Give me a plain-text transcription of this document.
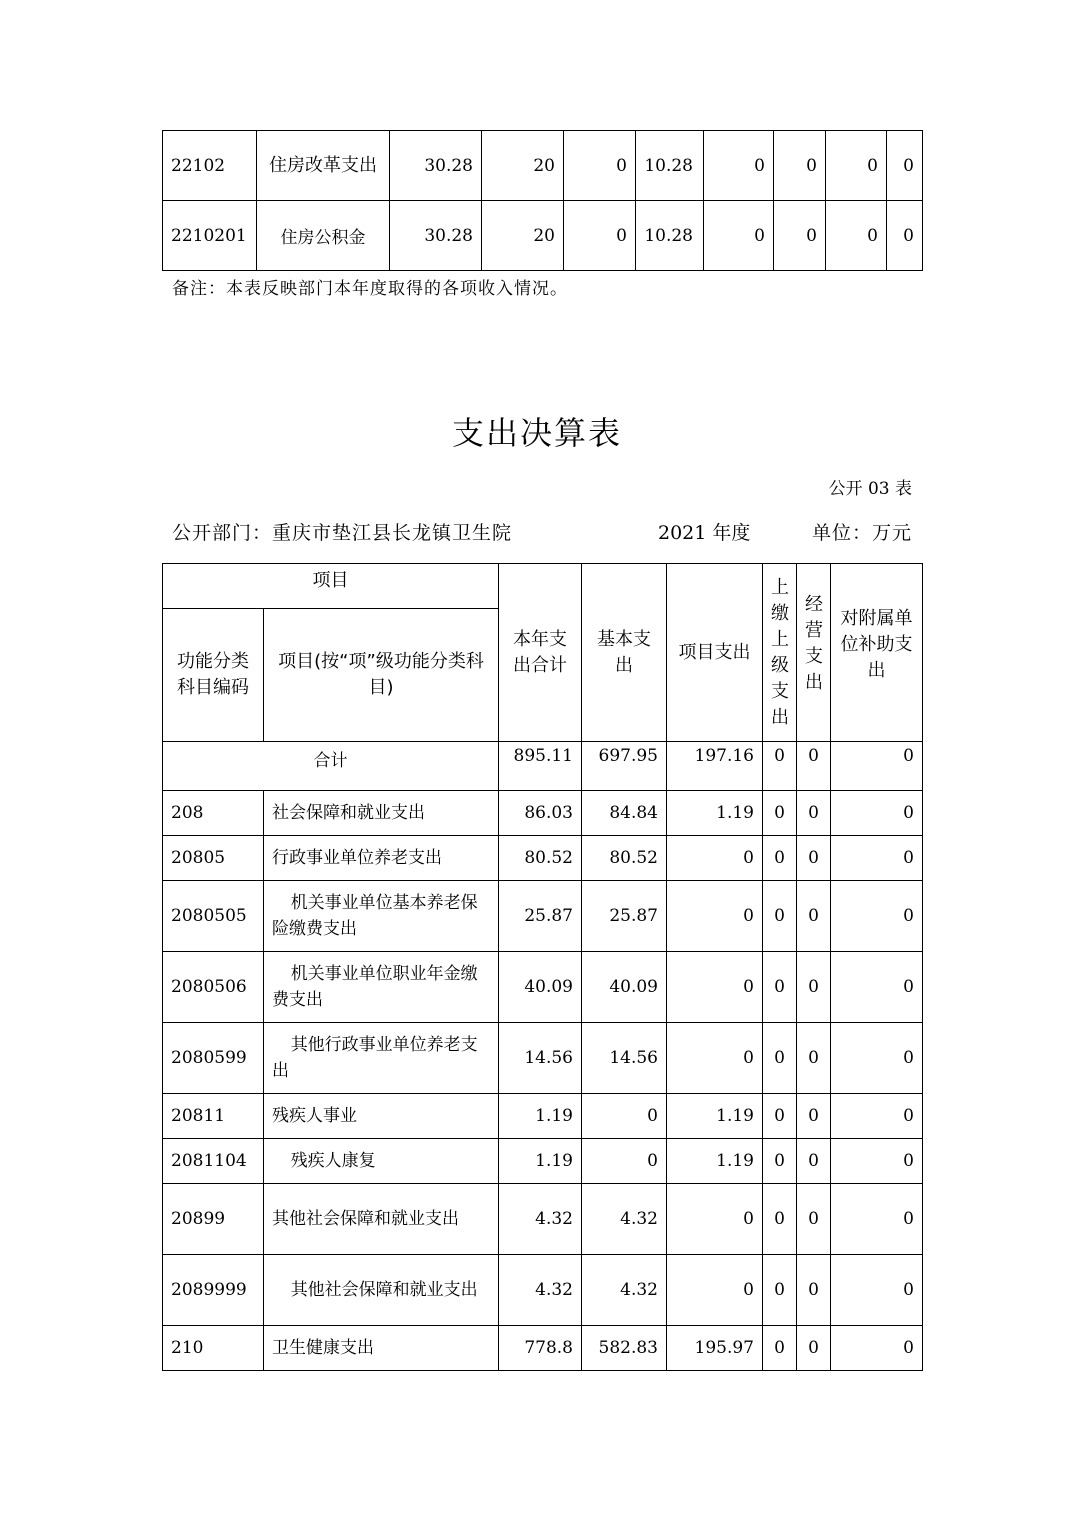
22102	住房改革支出	30.28	20	0	10.28	0	0	0	0
2210201	住房公积金	30.28	20	0	10.28	0	0	0	0
备注：本表反映部门本年度取得的各项收入情况。
支出决算表
公开 03 表
公开部门：重庆市垫江县长龙镇卫生院	2021 年度	单位：万元
项目		本年支出合计	基本支出	项目支出	上缴上级支出	经营支出	对附属单位补助支出
功能分类科目编码	项目(按“项”级功能分类科目)						
合计		895.11	697.95	197.16	0	0	0
208	社会保障和就业支出	86.03	84.84	1.19	0	0	0
20805	行政事业单位养老支出	80.52	80.52	0	0	0	0
2080505	机关事业单位基本养老保险缴费支出	25.87	25.87	0	0	0	0
2080506	机关事业单位职业年金缴费支出	40.09	40.09	0	0	0	0
2080599	其他行政事业单位养老支出	14.56	14.56	0	0	0	0
20811	残疾人事业	1.19	0	1.19	0	0	0
2081104	残疾人康复	1.19	0	1.19	0	0	0
20899	其他社会保障和就业支出	4.32	4.32	0	0	0	0
2089999	其他社会保障和就业支出	4.32	4.32	0	0	0	0
210	卫生健康支出	778.8	582.83	195.97	0	0	0
